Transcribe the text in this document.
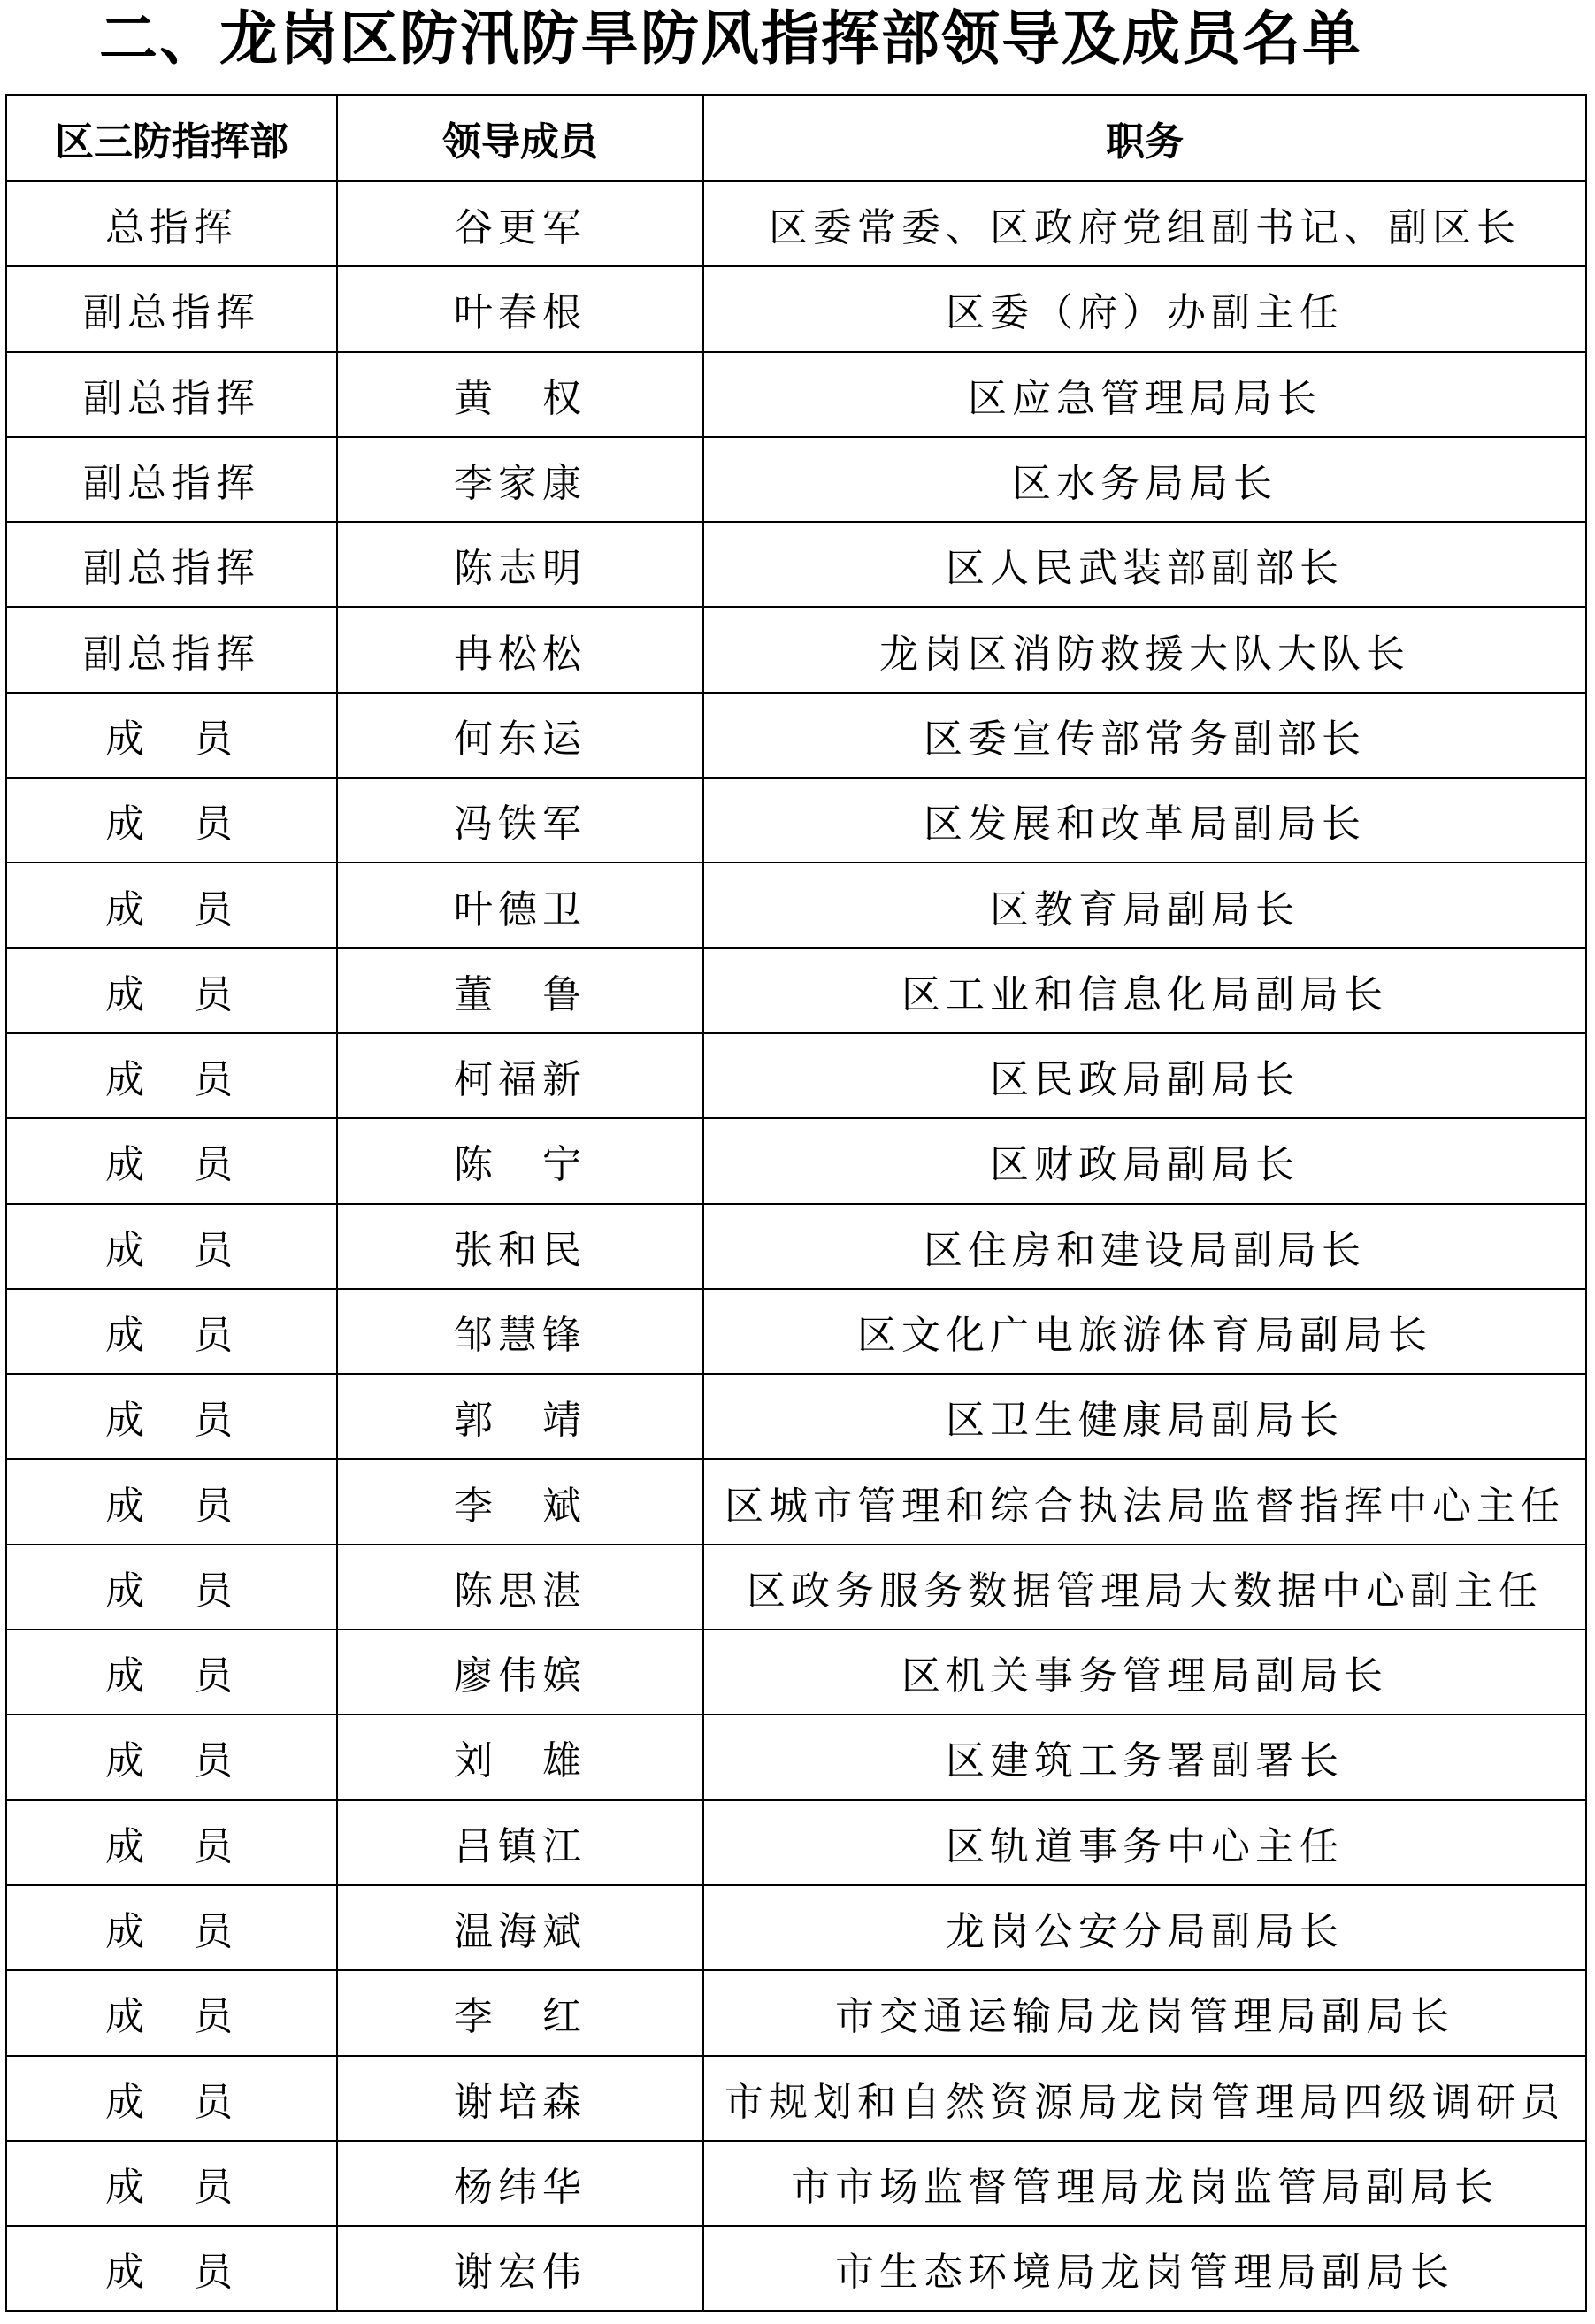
二、龙岗区防汛防旱防风指挥部领导及成员名单
区三防指挥部	领导成员	职务
总指挥	谷更军	区委常委、区政府党组副书记、副区长
副总指挥	叶春根	区委（府）办副主任
副总指挥	黄　权	区应急管理局局长
副总指挥	李家康	区水务局局长
副总指挥	陈志明	区人民武装部副部长
副总指挥	冉松松	龙岗区消防救援大队大队长
成　员	何东运	区委宣传部常务副部长
成　员	冯铁军	区发展和改革局副局长
成　员	叶德卫	区教育局副局长
成　员	董　鲁	区工业和信息化局副局长
成　员	柯福新	区民政局副局长
成　员	陈　宁	区财政局副局长
成　员	张和民	区住房和建设局副局长
成　员	邹慧锋	区文化广电旅游体育局副局长
成　员	郭　靖	区卫生健康局副局长
成　员	李　斌	区城市管理和综合执法局监督指挥中心主任
成　员	陈思湛	区政务服务数据管理局大数据中心副主任
成　员	廖伟嫔	区机关事务管理局副局长
成　员	刘　雄	区建筑工务署副署长
成　员	吕镇江	区轨道事务中心主任
成　员	温海斌	龙岗公安分局副局长
成　员	李　红	市交通运输局龙岗管理局副局长
成　员	谢培森	市规划和自然资源局龙岗管理局四级调研员
成　员	杨纬华	市市场监督管理局龙岗监管局副局长
成　员	谢宏伟	市生态环境局龙岗管理局副局长
